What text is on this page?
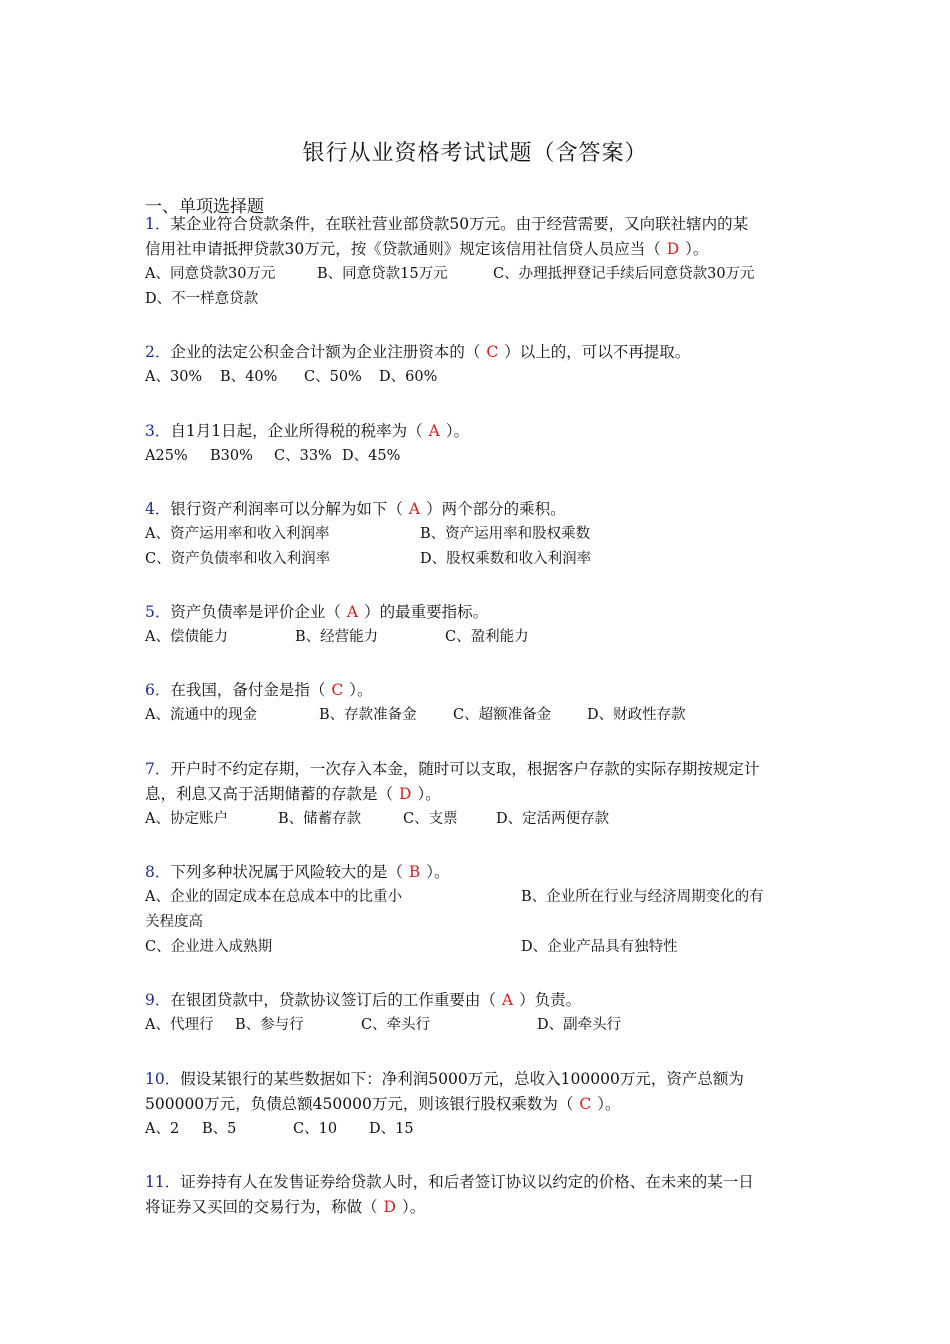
银行从业资格考试试题（含答案）
一、单项选择题

1．某企业符合贷款条件，在联社营业部贷款50万元。由于经营需要，又向联社辖内的某

信用社申请抵押贷款30万元，按《贷款通则》规定该信用社信贷人员应当（ D ）。

A、同意贷款30万元	B、同意贷款15万元	C、办理抵押登记手续后同意贷款30万元

D、不一样意贷款

2．企业的法定公积金合计额为企业注册资本的（ C ）以上的，可以不再提取。

A、30% B、40% C、50% D、60%

3．自1月1日起，企业所得税的税率为（ A ）。

A25% B30% C、33% D、45%

4．银行资产利润率可以分解为如下（ A ）两个部分的乘积。

A、资产运用率和收入利润率	B、资产运用率和股权乘数

C、资产负债率和收入利润率	D、股权乘数和收入利润率

5．资产负债率是评价企业（ A ）的最重要指标。

A、偿债能力	B、经营能力	C、盈利能力

6．在我国，备付金是指（ C ）。

A、流通中的现金	B、存款准备金	C、超额准备金 D、财政性存款

7．开户时不约定存期，一次存入本金，随时可以支取，根据客户存款的实际存期按规定计

息，利息又高于活期储蓄的存款是（ D ）。

A、协定账户	B、储蓄存款	C、支票	D、定活两便存款

8．下列多种状况属于风险较大的是（ B ）。

A、企业的固定成本在总成本中的比重小	B、企业所在行业与经济周期变化的有

关程度高

C、企业进入成熟期	D、企业产品具有独特性

9．在银团贷款中，贷款协议签订后的工作重要由（ A ）负责。

A、代理行 B、参与行	C、牵头行	D、副牵头行

10．假设某银行的某些数据如下：净利润5000万元，总收入100000万元，资产总额为

500000万元，负债总额450000万元，则该银行股权乘数为（ C ）。

A、2 B、5	C、10 D、15

11．证券持有人在发售证券给贷款人时，和后者签订协议以约定的价格、在未来的某一日

将证券又买回的交易行为，称做（ D ）。
